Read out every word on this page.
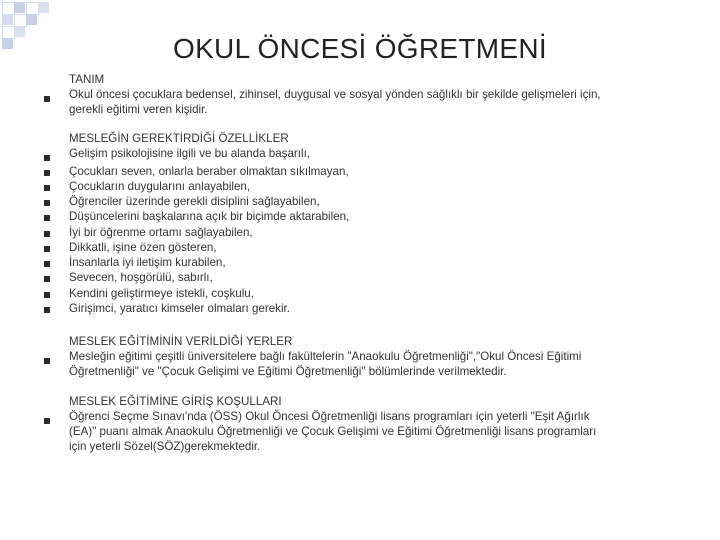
OKUL ÖNCESİ ÖĞRETMENİ
TANIM
Okul öncesi çocuklara bedensel, zihinsel, duygusal ve sosyal yönden sağlıklı bir şekilde gelişmeleri için,
gerekli eğitimi veren kişidir.
MESLEĞİN GEREKTİRDİĞİ ÖZELLİKLER
Gelişim psikolojisine ilgili ve bu alanda başarılı,
Çocukları seven, onlarla beraber olmaktan sıkılmayan,
Çocukların duygularını anlayabilen,
Öğrenciler üzerinde gerekli disiplini sağlayabilen,
Düşüncelerini başkalarına açık bir biçimde aktarabilen,
İyi bir öğrenme ortamı sağlayabilen,
Dikkatli, işine özen gösteren,
İnsanlarla iyi iletişim kurabilen,
Sevecen, hoşgörülü, sabırlı,
Kendini geliştirmeye istekli, coşkulu,
Girişimci, yaratıcı kimseler olmaları gerekir.
MESLEK EĞİTİMİNİN VERİLDİĞİ YERLER
Mesleğin eğitimi çeşitli üniversitelere bağlı fakültelerin "Anaokulu Öğretmenliği","Okul Öncesi Eğitimi
Öğretmenliği" ve "Çocuk Gelişimi ve Eğitimi Öğretmenliği" bölümlerinde verilmektedir.
MESLEK EĞİTİMİNE GİRİŞ KOŞULLARI
Öğrenci Seçme Sınavı'nda (ÖSS) Okul Öncesi Öğretmenliği lisans programları için yeterli "Eşit Ağırlık
(EA)" puanı almak Anaokulu Öğretmenliği ve Çocuk Gelişimi ve Eğitimi Öğretmenliği lisans programları
için yeterli Sözel(SÖZ)gerekmektedir.
